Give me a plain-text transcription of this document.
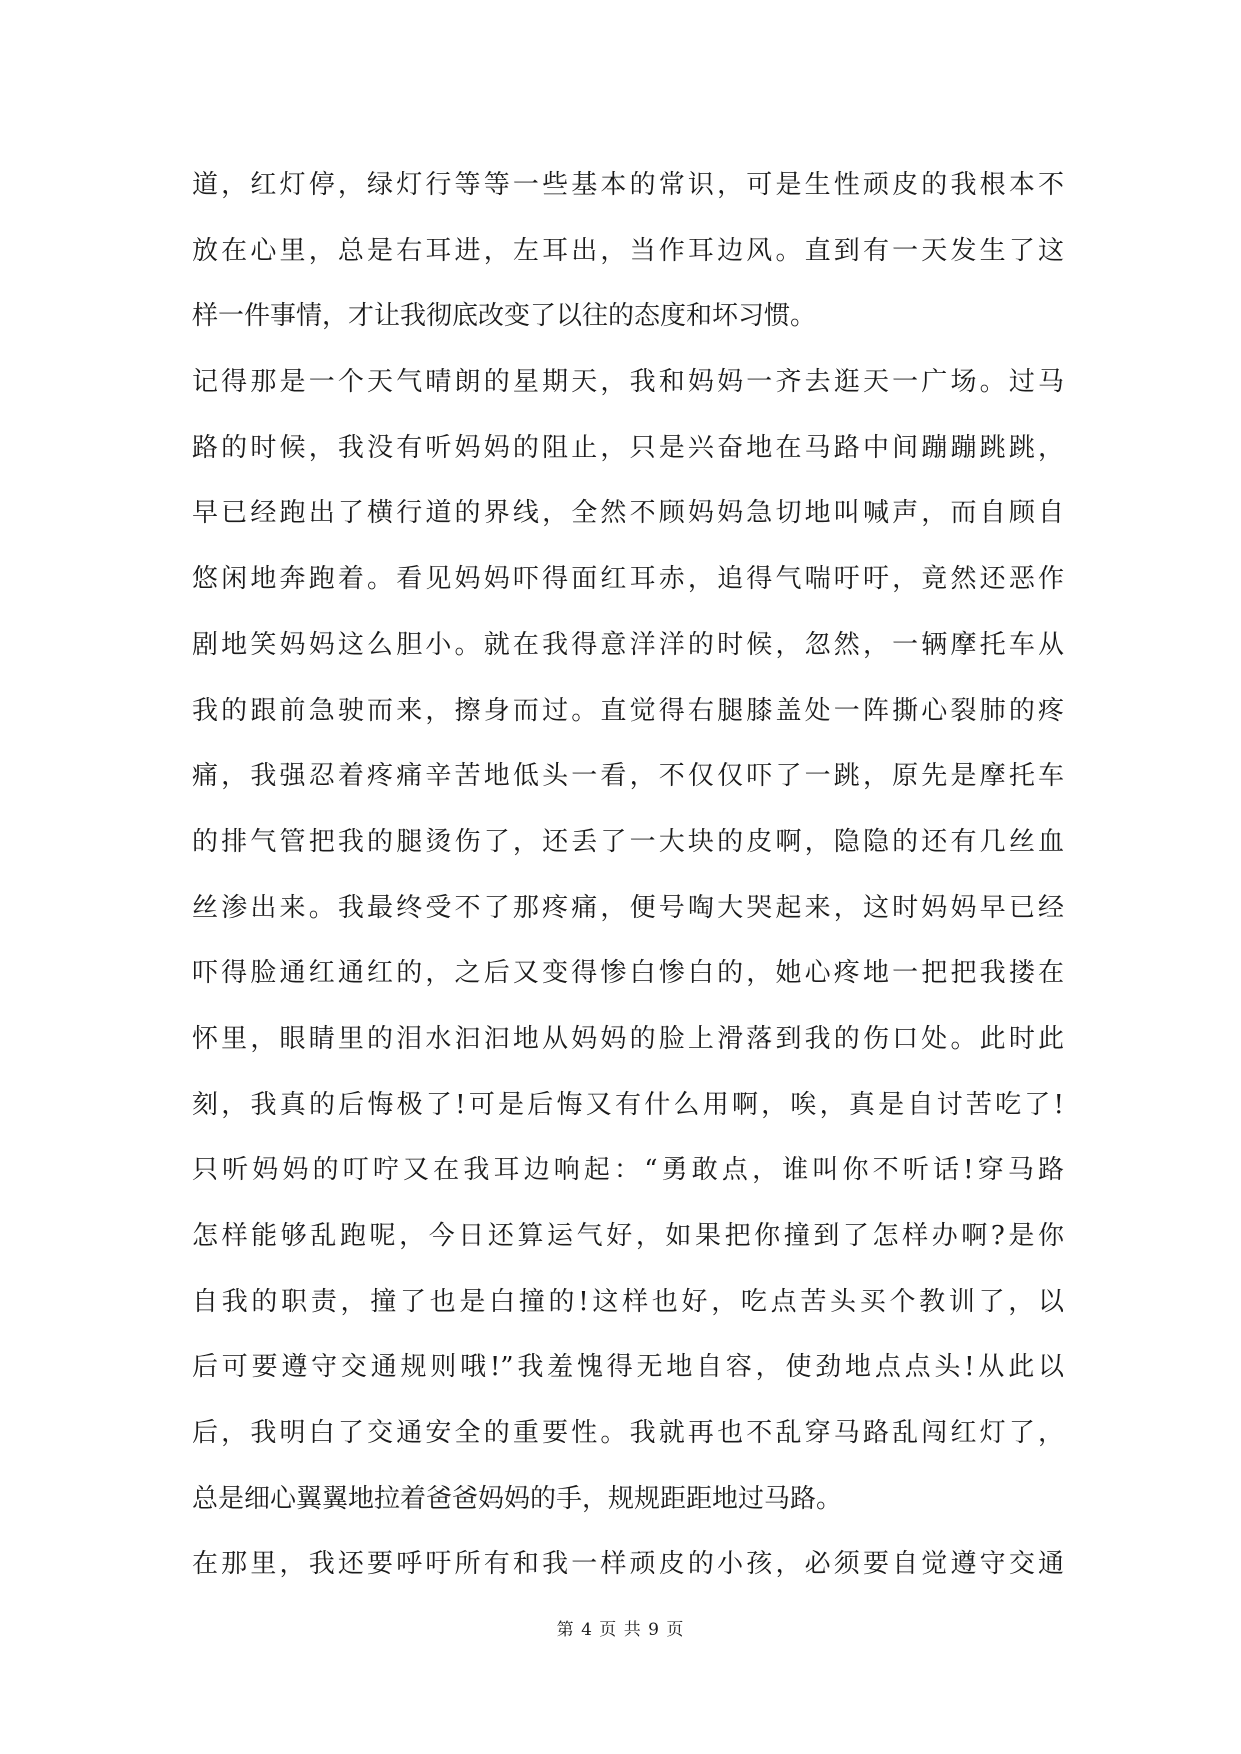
道，红灯停，绿灯行等等一些基本的常识，可是生性顽皮的我根本不
放在心里，总是右耳进，左耳出，当作耳边风。直到有一天发生了这
样一件事情，才让我彻底改变了以往的态度和坏习惯。
记得那是一个天气晴朗的星期天，我和妈妈一齐去逛天一广场。过马
路的时候，我没有听妈妈的阻止，只是兴奋地在马路中间蹦蹦跳跳，
早已经跑出了横行道的界线，全然不顾妈妈急切地叫喊声，而自顾自
悠闲地奔跑着。看见妈妈吓得面红耳赤，追得气喘吁吁，竟然还恶作
剧地笑妈妈这么胆小。就在我得意洋洋的时候，忽然，一辆摩托车从
我的跟前急驶而来，擦身而过。直觉得右腿膝盖处一阵撕心裂肺的疼
痛，我强忍着疼痛辛苦地低头一看，不仅仅吓了一跳，原先是摩托车
的排气管把我的腿烫伤了，还丢了一大块的皮啊，隐隐的还有几丝血
丝渗出来。我最终受不了那疼痛，便号啕大哭起来，这时妈妈早已经
吓得脸通红通红的，之后又变得惨白惨白的，她心疼地一把把我搂在
怀里，眼睛里的泪水汩汩地从妈妈的脸上滑落到我的伤口处。此时此
刻，我真的后悔极了!可是后悔又有什么用啊，唉，真是自讨苦吃了!
只听妈妈的叮咛又在我耳边响起：“勇敢点，谁叫你不听话!穿马路
怎样能够乱跑呢，今日还算运气好，如果把你撞到了怎样办啊?是你
自我的职责，撞了也是白撞的!这样也好，吃点苦头买个教训了，以
后可要遵守交通规则哦!”我羞愧得无地自容，使劲地点点头!从此以
后，我明白了交通安全的重要性。我就再也不乱穿马路乱闯红灯了，
总是细心翼翼地拉着爸爸妈妈的手，规规距距地过马路。
在那里，我还要呼吁所有和我一样顽皮的小孩，必须要自觉遵守交通
第 4 页 共 9 页
